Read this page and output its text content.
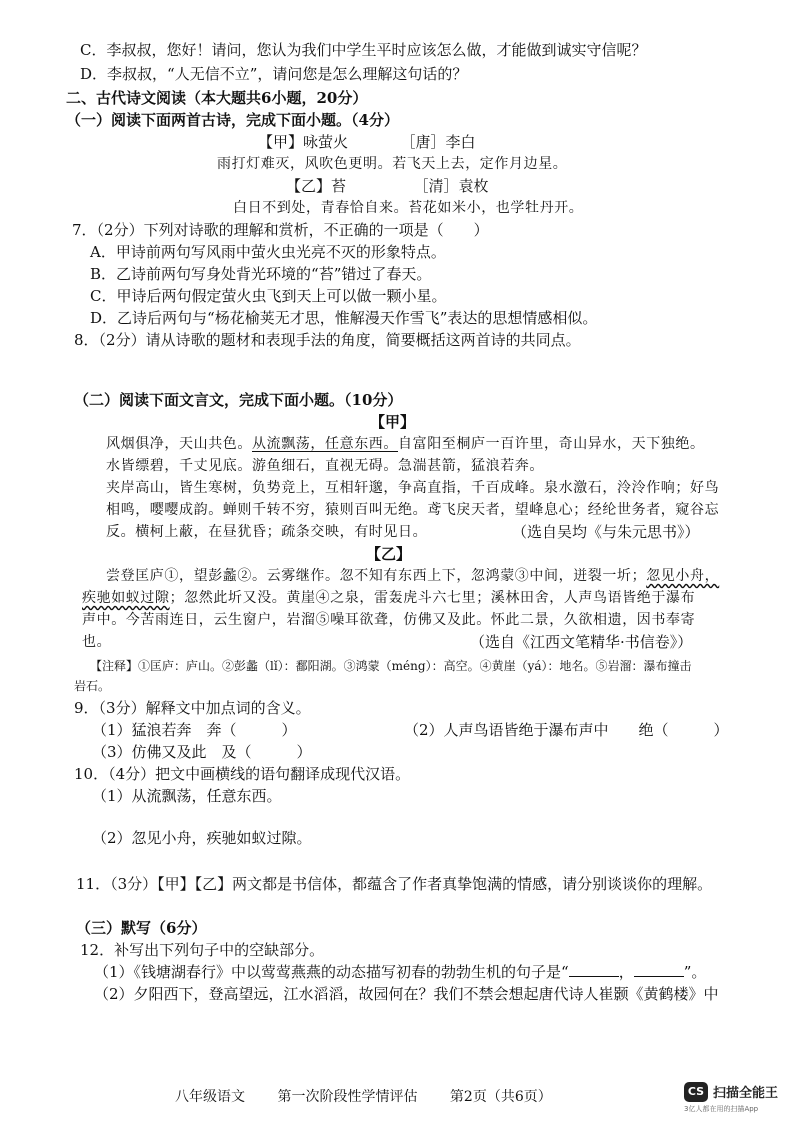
C．李叔叔，您好！请问，您认为我们中学生平时应该怎么做，才能做到诚实守信呢？
D．李叔叔，“人无信不立”，请问您是怎么理解这句话的？
二、古代诗文阅读（本大题共6小题，20分）
（一）阅读下面两首古诗，完成下面小题。（4分）
【甲】咏萤火　　　　［唐］李白
雨打灯难灭，风吹色更明。若飞天上去，定作月边星。
【乙】苔　　　　　［清］袁枚
白日不到处，青春恰自来。苔花如米小，也学牡丹开。
7．（2分）下列对诗歌的理解和赏析，不正确的一项是（　　）
A．甲诗前两句写风雨中萤火虫光亮不灭的形象特点。
B．乙诗前两句写身处背光环境的“苔”错过了春天。
C．甲诗后两句假定萤火虫飞到天上可以做一颗小星。
D．乙诗后两句与“杨花榆荚无才思，惟解漫天作雪飞”表达的思想情感相似。
8．（2分）请从诗歌的题材和表现手法的角度，简要概括这两首诗的共同点。
（二）阅读下面文言文，完成下面小题。（10分）
【甲】
风烟俱净，天山共色。从流飘荡，任意东西。自富阳至桐庐一百许里，奇山异水，天下独绝。
水皆缥碧，千丈见底。游鱼细石，直视无碍。急湍甚箭，猛浪若奔。
夹岸高山，皆生寒树，负势竞上，互相轩邈，争高直指，千百成峰。泉水激石，泠泠作响；好鸟
相鸣，嘤嘤成韵。蝉则千转不穷，猿则百叫无绝。鸢飞戾天者，望峰息心；经纶世务者，窥谷忘
反。横柯上蔽，在昼犹昏；疏条交映，有时见日。	（选自吴均《与朱元思书》）
【乙】
尝登匡庐①，望彭蠡②。云雾继作。忽不知有东西上下，忽鸿蒙③中间，迸裂一圻；忽见小舟，
疾驰如蚁过隙；忽然此圻又没。黄崖④之泉，雷轰虎斗六七里；溪林田舍，人声鸟语皆绝于瀑布
声中。今苦雨连日，云生窗户，岩溜⑤噪耳欲聋，仿佛又及此。怀此二景，久欲相遗，因书奉寄
也。	（选自《江西文笔精华·书信卷》）
【注释】①匡庐：庐山。②彭蠡（lǐ）：鄱阳湖。③鸿蒙（méng）：高空。④黄崖（yá）：地名。⑤岩溜：瀑布撞击
岩石。
9．（3分）解释文中加点词的含义。
（1）猛浪若奔　奔（　　　）	（2）人声鸟语皆绝于瀑布声中　　绝（　　　）
（3）仿佛又及此　及（　　　）
10．（4分）把文中画横线的语句翻译成现代汉语。
（1）从流飘荡，任意东西。
（2）忽见小舟，疾驰如蚁过隙。
11．（3分）【甲】【乙】两文都是书信体，都蕴含了作者真挚饱满的情感，请分别谈谈你的理解。
（三）默写（6分）
12．补写出下列句子中的空缺部分。
（1）《钱塘湖春行》中以莺莺燕燕的动态描写初春的勃勃生机的句子是“	，	”。
（2）夕阳西下，登高望远，江水滔滔，故园何在？我们不禁会想起唐代诗人崔颢《黄鹤楼》中
八年级语文 第一次阶段性学情评估 第2页（共6页）	CS 扫描全能王
3亿人都在用的扫描App
